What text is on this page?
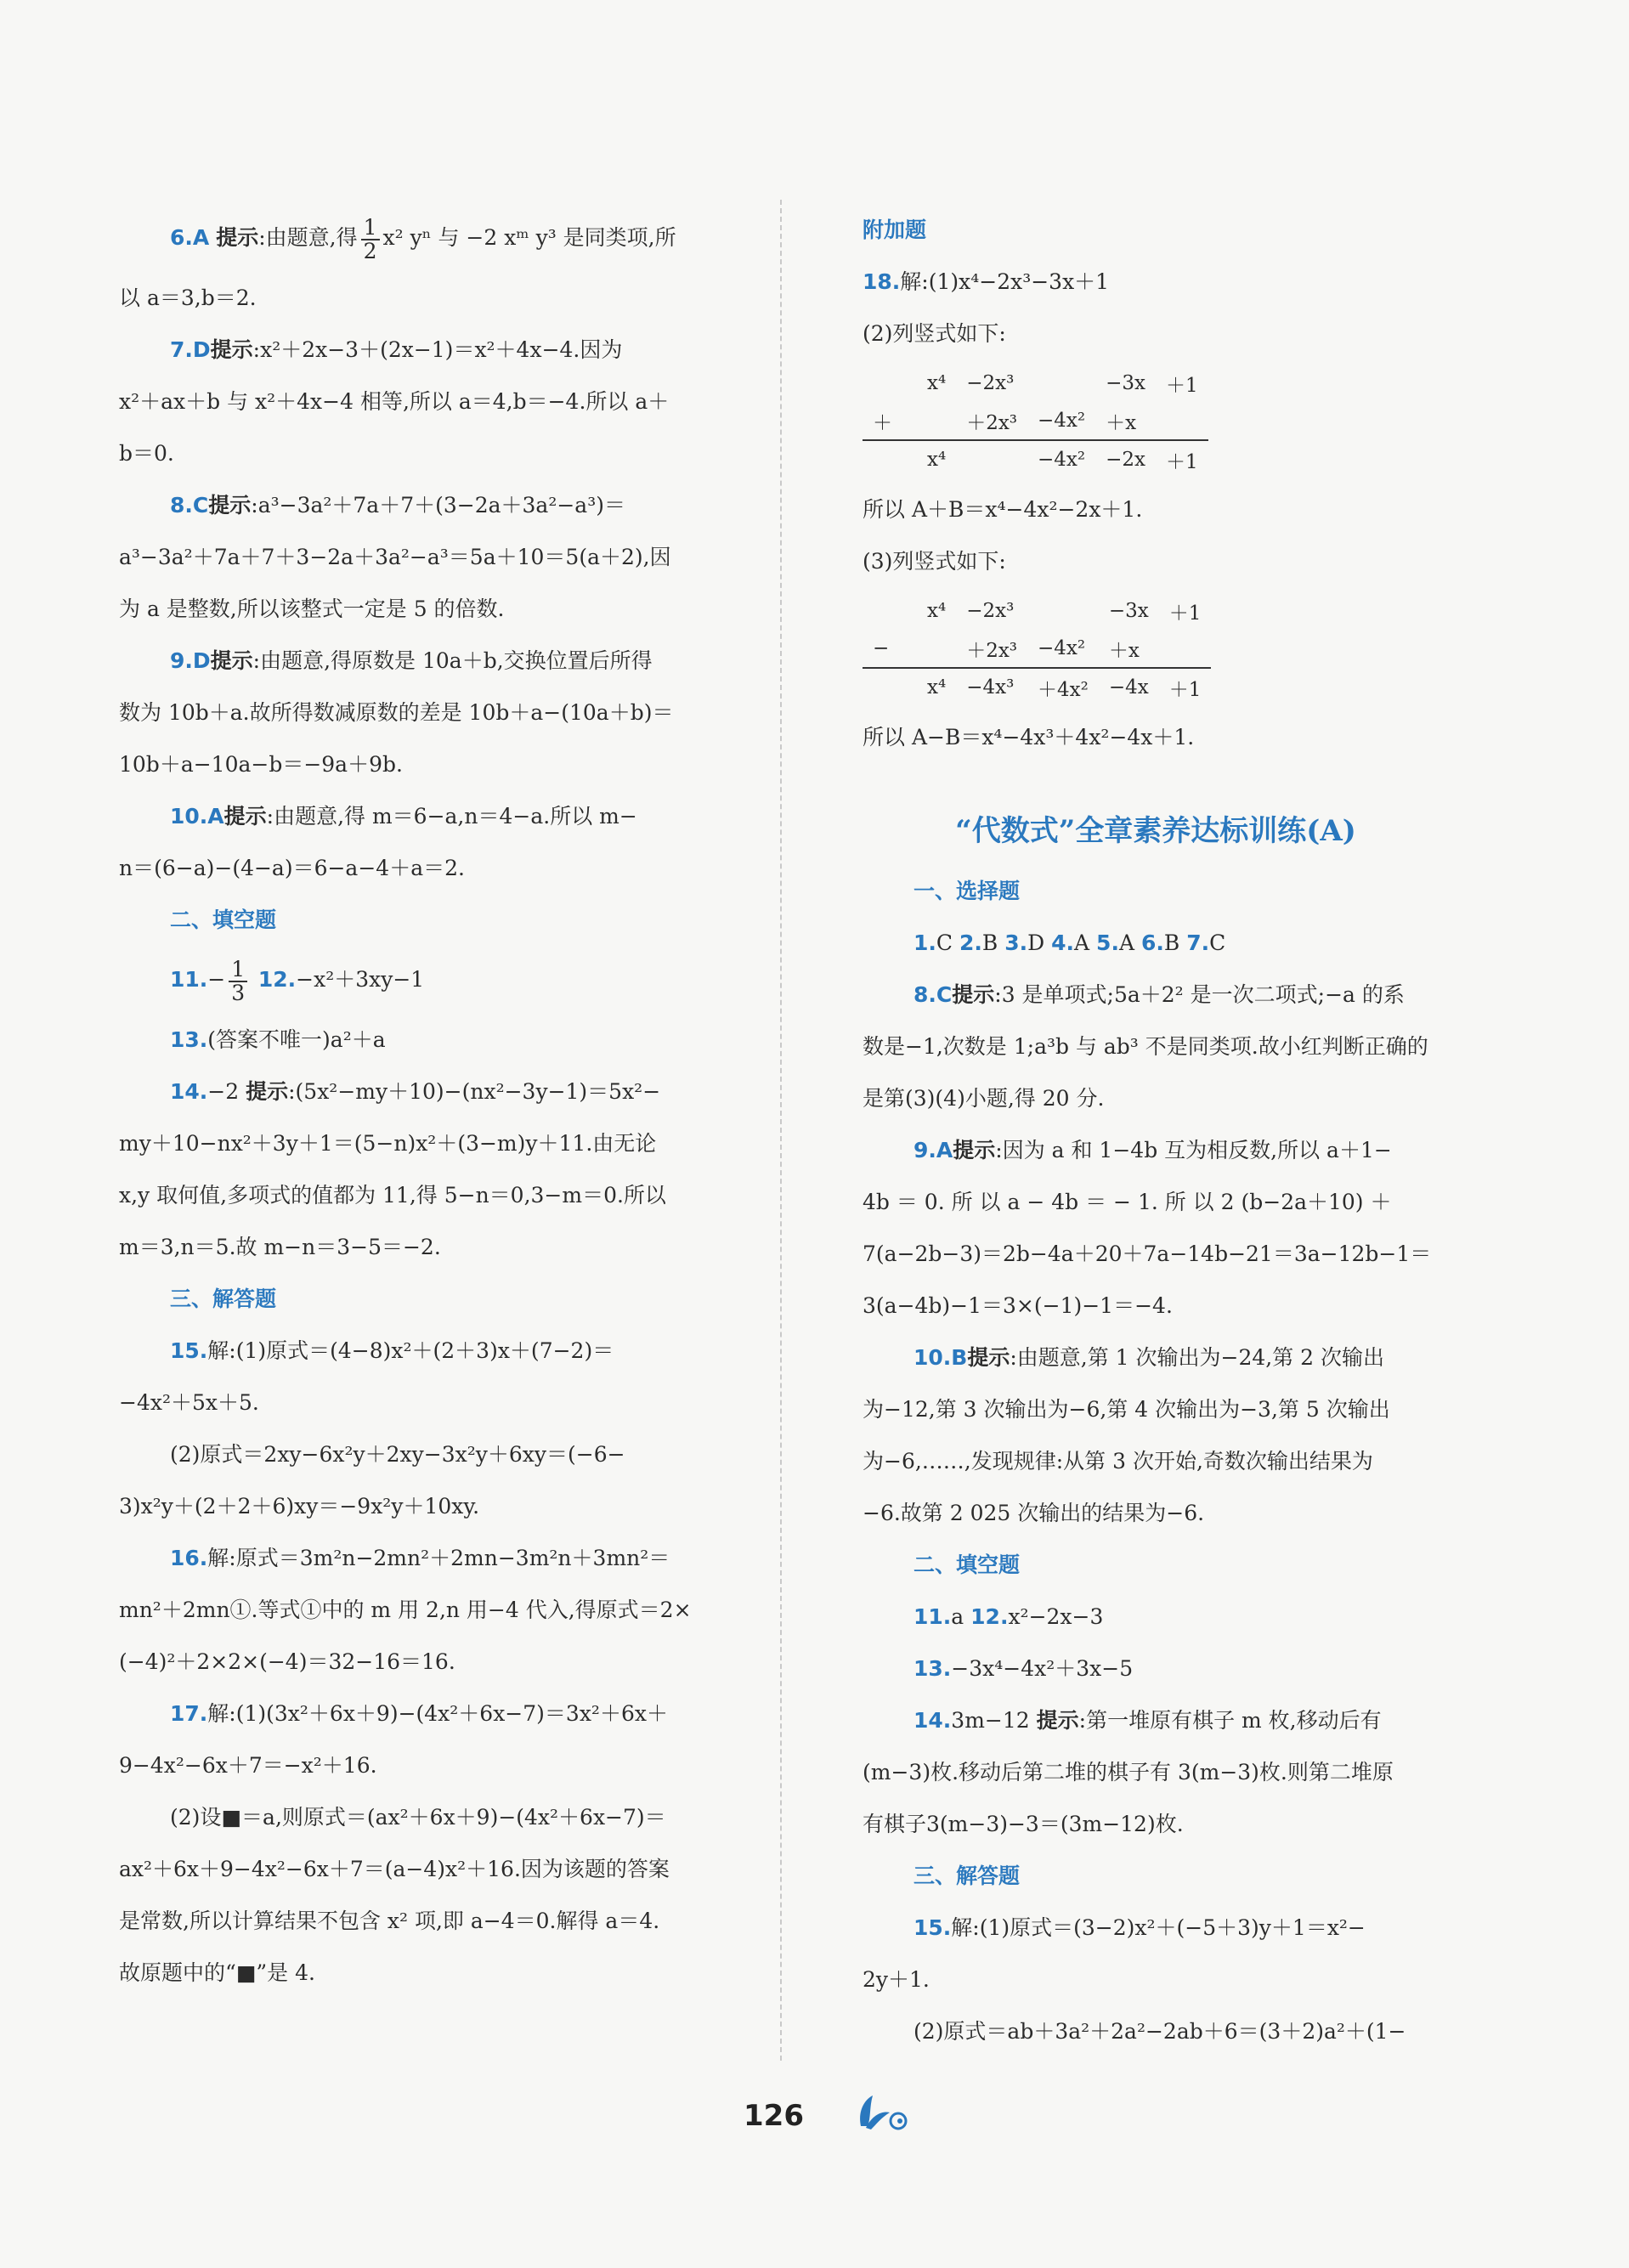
6.A 提示:由题意,得 $\frac{1}{2} x^2$ yⁿ 与 −2 xᵐ y³ 是同类项,所
以 a＝3,b＝2.
7.D提示:x²＋2x−3＋(2x−1)＝x²＋4x−4.因为
x²＋ax＋b 与 x²＋4x−4 相等,所以 a＝4,b＝−4.所以 a＋
b＝0.
8.C提示:a³−3a²＋7a＋7＋(3−2a＋3a²−a³)＝
a³−3a²＋7a＋7＋3−2a＋3a²−a³＝5a＋10＝5(a＋2),因
为 a 是整数,所以该整式一定是 5 的倍数.
9.D提示:由题意,得原数是 10a＋b,交换位置后所得
数为 10b＋a.故所得数减原数的差是 10b＋a−(10a＋b)＝
10b＋a−10a−b＝−9a＋9b.
10.A提示:由题意,得 m＝6−a,n＝4−a.所以 m−
n＝(6−a)−(4−a)＝6−a−4＋a＝2.
二、填空题
$11.- \frac{1}{3} 12.-x^2+3xy-1$
13.(答案不唯一)a²＋a
14.−2 提示:(5x²−my＋10)−(nx²−3y−1)＝5x²−
my＋10−nx²＋3y＋1＝(5−n)x²＋(3−m)y＋11.由无论
x,y 取何值,多项式的值都为 11,得 5−n＝0,3−m＝0.所以
m＝3,n＝5.故 m−n＝3−5＝−2.
三、解答题
15.解:(1)原式＝(4−8)x²＋(2＋3)x＋(7−2)＝
−4x²＋5x＋5.
(2)原式＝2xy−6x²y＋2xy−3x²y＋6xy＝(−6−
3)x²y＋(2＋2＋6)xy＝−9x²y＋10xy.
16.解:原式＝3m²n−2mn²＋2mn−3m²n＋3mn²＝
mn²＋2mn①.等式①中的 m 用 2,n 用−4 代入,得原式＝2×
(−4)²＋2×2×(−4)＝32−16＝16.
17.解:(1)(3x²＋6x＋9)−(4x²＋6x−7)＝3x²＋6x＋
9−4x²−6x＋7＝−x²＋16.
(2)设■＝a,则原式＝(ax²＋6x＋9)−(4x²＋6x−7)＝
ax²＋6x＋9−4x²−6x＋7＝(a−4)x²＋16.因为该题的答案
是常数,所以计算结果不包含 x² 项,即 a−4＝0.解得 a＝4.
故原题中的“■”是 4.
附加题
18.解:(1)x⁴−2x³−3x＋1
(2)列竖式如下:
	x⁴	−2x³		−3x	＋1
＋		＋2x³	−4x²	＋x	
	x⁴		−4x²	−2x	＋1
所以 A＋B＝x⁴−4x²−2x＋1.
(3)列竖式如下:
	x⁴	−2x³		−3x	＋1
−		＋2x³	−4x²	＋x	
	x⁴	−4x³	＋4x²	−4x	＋1
所以 A−B＝x⁴−4x³＋4x²−4x＋1.
“代数式”全章素养达标训练(A)
一、选择题
1.C 2.B 3.D 4.A 5.A 6.B 7.C
8.C提示:3 是单项式;5a＋2² 是一次二项式;−a 的系
数是−1,次数是 1;a³b 与 ab³ 不是同类项.故小红判断正确的
是第(3)(4)小题,得 20 分.
9.A提示:因为 a 和 1−4b 互为相反数,所以 a＋1−
4b ＝ 0. 所 以 a − 4b ＝ − 1. 所 以 2 (b−2a＋10) ＋
7(a−2b−3)＝2b−4a＋20＋7a−14b−21＝3a−12b−1＝
3(a−4b)−1＝3×(−1)−1＝−4.
10.B提示:由题意,第 1 次输出为−24,第 2 次输出
为−12,第 3 次输出为−6,第 4 次输出为−3,第 5 次输出
为−6,……,发现规律:从第 3 次开始,奇数次输出结果为
−6.故第 2 025 次输出的结果为−6.
二、填空题
11.a 12.x²−2x−3
13.−3x⁴−4x²＋3x−5
14.3m−12 提示:第一堆原有棋子 m 枚,移动后有
(m−3)枚.移动后第二堆的棋子有 3(m−3)枚.则第二堆原
有棋子3(m−3)−3＝(3m−12)枚.
三、解答题
15.解:(1)原式＝(3−2)x²＋(−5＋3)y＋1＝x²−
2y＋1.
(2)原式＝ab＋3a²＋2a²−2ab＋6＝(3＋2)a²＋(1−
126
